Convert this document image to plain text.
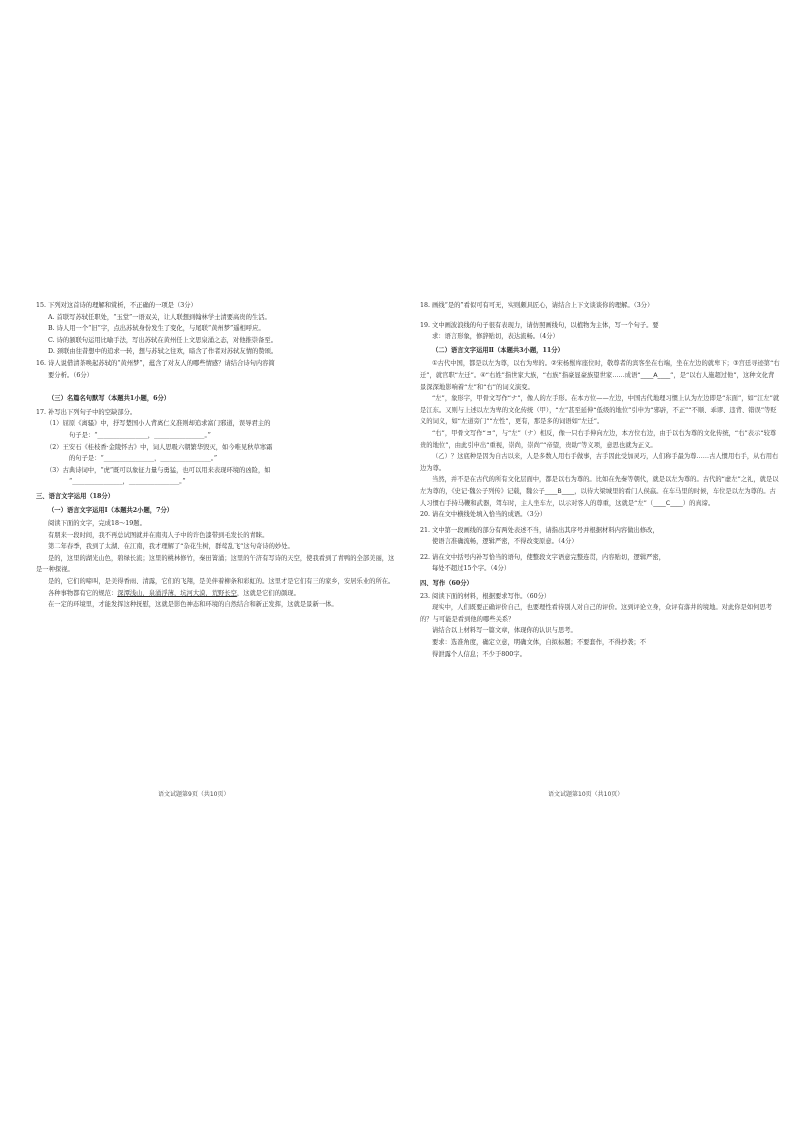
15. 下列对这首诗的理解和赏析，不正确的一项是（3分）

A. 首联写苏轼任职处，“玉堂”一语双关，让人联想到翰林学士清要高贵的生活。

B. 诗人用一个“旧”字，点出苏轼身份发生了变化，与尾联“黄州梦”遥相呼应。

C. 诗的颔联句运用比喻手法，写出苏轼在黄州任上文思泉涌之态，对他推崇备至。

D. 颈联由往昔想中的追求一转，想与苏轼之往欢，暗含了作者对苏轼友情的赞颂。

16. 诗人说借清茶唤起苏轼的“黄州梦”，蕴含了对友人的哪些情感？请结合诗句内容简

要分析。（6分）

（三）名篇名句默写（本题共1小题，6分）

17. 补写出下列句子中的空缺部分。

（1）屈原《离骚》中，抒写楚国小人背离仁义准则却追求富门邪道，误导君主的

句子是：“________________，________________。”

（2）王安石《桂枝香·金陵怀古》中，词人思吸六朝繁华毁灭，如今唯见秋草寒霜

的句子是：“________________，________________。”

（3）古典诗词中，“虎”既可以象征力量与勇猛，也可以用来表现环境的凶险，如

“________________，________________。”

三、语言文字运用（18分）

（一）语言文字运用Ⅰ（本题共2小题，7分）

阅读下面的文字，完成18～19题。

有朋来一段时间，我不再总试图就并在南夷人子中的许色漆带到毛发长的青睐。

第二年春季，我到了太湖、在江南，我才理解了“杂花生树，群莺乱飞”这句奇诗的妙处。

是的，这里的湖光山色，碧绿长流；这里的桃林修竹，秦田箐涌；这里的午济有写诗的天空，使我看到了青鸭的全部美丽，这是一种探视。

是的，它们的啼叫，是美得香雨、清露，它们的飞翔，是美伴着柳条和彩虹的。这里才是它们有三的家乡，安居乐业的所在。

各种事物都有它的规范：深潭浅山，泉涌浮薄，坑河大漠，荒野长空，这就是它们的颜现。

在一定的环境里，才能发挥这种抚慰，这就是影色神态和环境的自然结合和新正发挥，这就是景新一体。

语文试题第9页（共10页）

18. 画线“是的”看似可有可无，实则颇具匠心，请结合上下文谈谈你的理解。（3分）

19. 文中画波浪线的句子很有表现力，请仿照画线句，以植物为主体，写一个句子。要

求：语言形象，修辞贴切，表达流畅。（4分）

（二）语言文字运用Ⅱ（本题共3小题，11分）

①古代中国，都是以左为尊，以右为卑的。②宋杨鬃库座位时，敬尊者的宾客坐在右端，坐在左边的就卑下；③宫廷寻迹第“右迁”，就官职“左迁”。④“右姓”指世家大族，“右族”指豪显豪族望世家……成语“____A____”，是“以右人施超过他”，这种文化背景深深地影响着“左”和“右”的词义演变。

“左”，象形字，甲骨文写作“ナ”，像人的左手形。在本方位——左边，中国古代地理习惯上认为左边即是“东面”，如“江左”就是江东。又则与上述以左为卑的文化传统（甲），“左”甚至延伸“低级的地位”引申为“邪辟，不正”“不顺、乖谬、违背、错误”等贬义的词义，如“左道旁门”“左性”，更有，那是多的词语如“左迁”。

“右”，甲骨文写作“ヨ”，与“左”（ナ）相反，像一只右手伸向左边，本方位右边，由于以右为尊的文化传统，“右”表示“较尊贵的地位”，由此引申出“重视，崇尚，崇尚”“帝望，贵助”等义项，意思也就为正义。

（乙）？这底种是因为自古以来，人是多数人用右手做事，古手因此受加灵巧，人们称手最为尊……古人惯用右手，从右用右边为尊。

当然，并不是在古代的所有文化层面中，都是以右为尊的。比如在先秦等朝代，就是以左为尊的。古代的“虚左”之礼，就是以左为尊的，《史记·魏公子列传》记载，魏公子____B____，以待大梁城里的看门人侯嬴。在车马里的时候，车位是以左为尊的。古人习惯右手持马鞭和武器，驾车时，主人坐车左，以示对客人的尊重，这就是“左”（____C____）的真谛。

20. 请在文中横线处填入恰当的成语。（3分）

21. 文中第一段画线的部分有两处表述不当，请指出其序号并根据材料内容做出修改，

使语言准确流畅，逻辑严密，不得改变原意。（4分）

22. 请在文中括号内补写恰当的语句，使整段文字语意完整连贯，内容贴切，逻辑严密，

每处不超过15个字。（4分）

四、写作（60分）

23. 阅读下面的材料，根据要求写作。（60分）

现实中，人们既要正确评价自己，也要理性看待别人对自己的评价。这到评论立身，众评有落井的境地。对此你是如何思考的？与可能是看到他的哪些关系？

请结合以上材料写一篇文章，体现你的认识与思考。

要求：选准角度，确定立意，明确文体，自拟标题；不要套作，不得抄袭；不

得泄露个人信息；不少于800字。

语文试题第10页（共10页）
